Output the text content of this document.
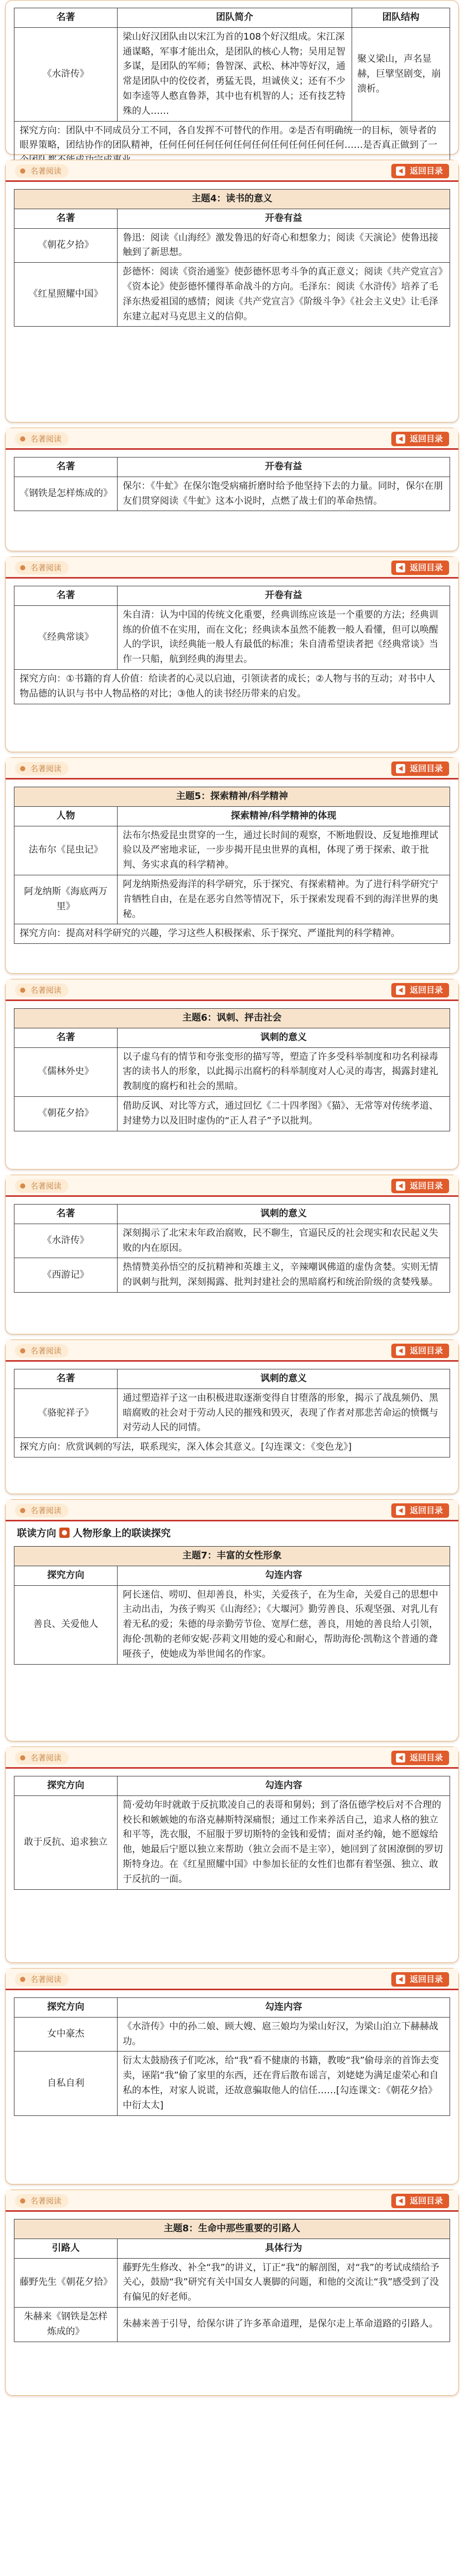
名著	团队简介	团队结构
《水浒传》	梁山好汉团队由以宋江为首的108个好汉组成。宋江深通谋略，军事才能出众，是团队的核心人物；吴用足智多谋，是团队的军师；鲁智深、武松、林冲等好汉，通常是团队中的佼佼者，勇猛无畏，坦诚侠义；还有不少如李逵等人憨直鲁莽，其中也有机智的人；还有技艺特殊的人……	聚义梁山，声名显赫，巨擘坚剧变，崩溃析。
探究方向：团队中不同成员分工不同，各自发挥不可替代的作用。②是否有明确统一的目标，领导者的眼界策略，团结协作的团队精神，任何任何任何任何任何任何任何任何任何任何……是否真正做到了一		
名著阅读	返回目录
主题4：读书的意义	
名著	开卷有益
《朝花夕拾》	鲁迅：阅读《山海经》激发鲁迅的好奇心和想象力；阅读《天演论》使鲁迅接触到了新思想。
《红星照耀中国》	彭德怀：阅读《资治通鉴》使彭德怀思考斗争的真正意义；阅读《共产党宣言》《资本论》使彭德怀懂得革命战斗的方向。毛泽东：阅读《水浒传》培养了毛泽东热爱祖国的感情；阅读《共产党宣言》《阶级斗争》《社会主义史》让毛泽东建立起对马克思主义的信仰。
名著阅读	返回目录
名著	开卷有益
《钢铁是怎样炼成的》	保尔：《牛虻》在保尔饱受病痛折磨时给予他坚持下去的力量。同时，保尔在朋友们贯穿阅读《牛虻》这本小说时，点燃了战士们的革命热情。
名著阅读	返回目录
名著	开卷有益
《经典常谈》	朱自清：认为中国的传统文化重要，经典训练应该是一个重要的方法；经典训练的价值不在实用，而在文化；经典读本虽然不能教一般人看懂，但可以唤醒人的学识，读经典能一般人有最低的标准；朱自清希望读者把《经典常谈》当作一只船，航到经典的海里去。
探究方向：①书籍的育人价值：给读者的心灵以启迪，引领读者的成长；②人物与书的互动；对书中人物品德的认识与书中人物品格的对比；③他人的读书经历带来的启发。	
名著阅读	返回目录
主题5：探索精神/科学精神	
人物	探索精神/科学精神的体现
法布尔《昆虫记》	法布尔热爱昆虫贯穿的一生，通过长时间的观察，不断地假设、反复地推理试验以及严密地求证，一步步揭开昆虫世界的真相，体现了勇于探索、敢于批判、务实求真的科学精神。
阿龙纳斯《海底两万里》	阿龙纳斯热爱海洋的科学研究，乐于探究、有探索精神。为了进行科学研究宁肯牺牲自由，在是在恶劣自然等情况下，乐于探索发现看不到的海洋世界的奥秘。
探究方向：提高对科学研究的兴趣，学习这些人积极探索、乐于探究、严谨批判的科学精神。	
名著阅读	返回目录
主题6：讽刺、抨击社会	
名著	讽刺的意义
《儒林外史》	以子虚乌有的情节和夸张变形的描写等，塑造了许多受科举制度和功名利禄毒害的读书人的形象，以此揭示出腐朽的科举制度对人心灵的毒害，揭露封建礼教制度的腐朽和社会的黑暗。
《朝花夕拾》	借助反讽、对比等方式，通过回忆《二十四孝图》《猫》、无常等对传统孝道、封建势力以及旧时虚伪的“正人君子”予以批判。
名著阅读	返回目录
名著	讽刺的意义
《水浒传》	深刻揭示了北宋末年政治腐败，民不聊生，官逼民反的社会现实和农民起义失败的内在原因。
《西游记》	热情赞美孙悟空的反抗精神和英雄主义，辛辣嘲讽佛道的虚伪贪婪。实则无情的讽刺与批判，深刻揭露、批判封建社会的黑暗腐朽和统治阶级的贪婪残暴。
名著阅读	返回目录
名著	讽刺的意义
《骆驼祥子》	通过塑造祥子这一由积极进取逐渐变得自甘堕落的形象，揭示了战乱频仍、黑暗腐败的社会对于劳动人民的摧残和毁灭，表现了作者对那悲苦命运的愤慨与对劳动人民的同情。
探究方向：欣赏讽刺的写法，联系现实，深入体会其意义。[勾连课文：《变色龙》]	
名著阅读	返回目录
联读方向 人物形象上的联读探究
主题7：丰富的女性形象	
探究方向	勾连内容
善良、关爱他人	阿长迷信、唠叨、但却善良，朴实，关爱孩子，在为生命，关爱自己的思想中主动出击，为孩子购买《山海经》；《大堰河》勤劳善良、乐观坚强、对乳儿有着无私的爱；朱德的母亲勤劳节俭、宽厚仁慈，善良，用她的善良给人引领，海伦·凯勒的老师安妮·莎莉文用她的爱心和耐心，帮助海伦·凯勒这个普通的聋哑孩子，使她成为举世闻名的作家。
名著阅读	返回目录
探究方向	勾连内容
敢于反抗、追求独立	简·爱幼年时就敢于反抗欺凌自己的表哥和舅妈；到了洛伍德学校后对不合理的校长和嫉嫉她的布洛克赫斯特深痛恨；通过工作来养活自己，追求人格的独立和平等，洗衣服，不屈服于罗切斯特的金钱和爱情；面对圣约翰，她不愿嫁给他，她最后宁愿以独立来帮助（独立会而不是主宰），她回到了贫困潦倒的罗切斯特身边。在《红星照耀中国》中参加长征的女性们也都有着坚强、独立、敢于反抗的一面。
名著阅读	返回目录
探究方向	勾连内容
女中豪杰	《水浒传》中的孙二娘、顾大嫂、扈三娘均为梁山好汉，为梁山泊立下赫赫战功。
自私自利	衍太太鼓励孩子们吃冰，给“我”看不健康的书籍，教唆“我”偷母亲的首饰去变卖，诬陷“我”偷了家里的东西，还在背后散布谣言，刘姥姥为满足虚荣心和自私的本性，对家人说谎，还故意骗取他人的信任……[勾连课文：《朝花夕拾》中衍太太]
名著阅读	返回目录
主题8：生命中那些重要的引路人	
引路人	具体行为
藤野先生《朝花夕拾》	藤野先生修改、补全“我”的讲义，订正“我”的解剖图，对“我”的考试成绩给予关心，鼓励“我”研究有关中国女人裹脚的问题，和他的交流让“我”感受到了没有偏见的好老师。
朱赫来《钢铁是怎样炼成的》	朱赫来善于引导，给保尔讲了许多革命道理，是保尔走上革命道路的引路人。
